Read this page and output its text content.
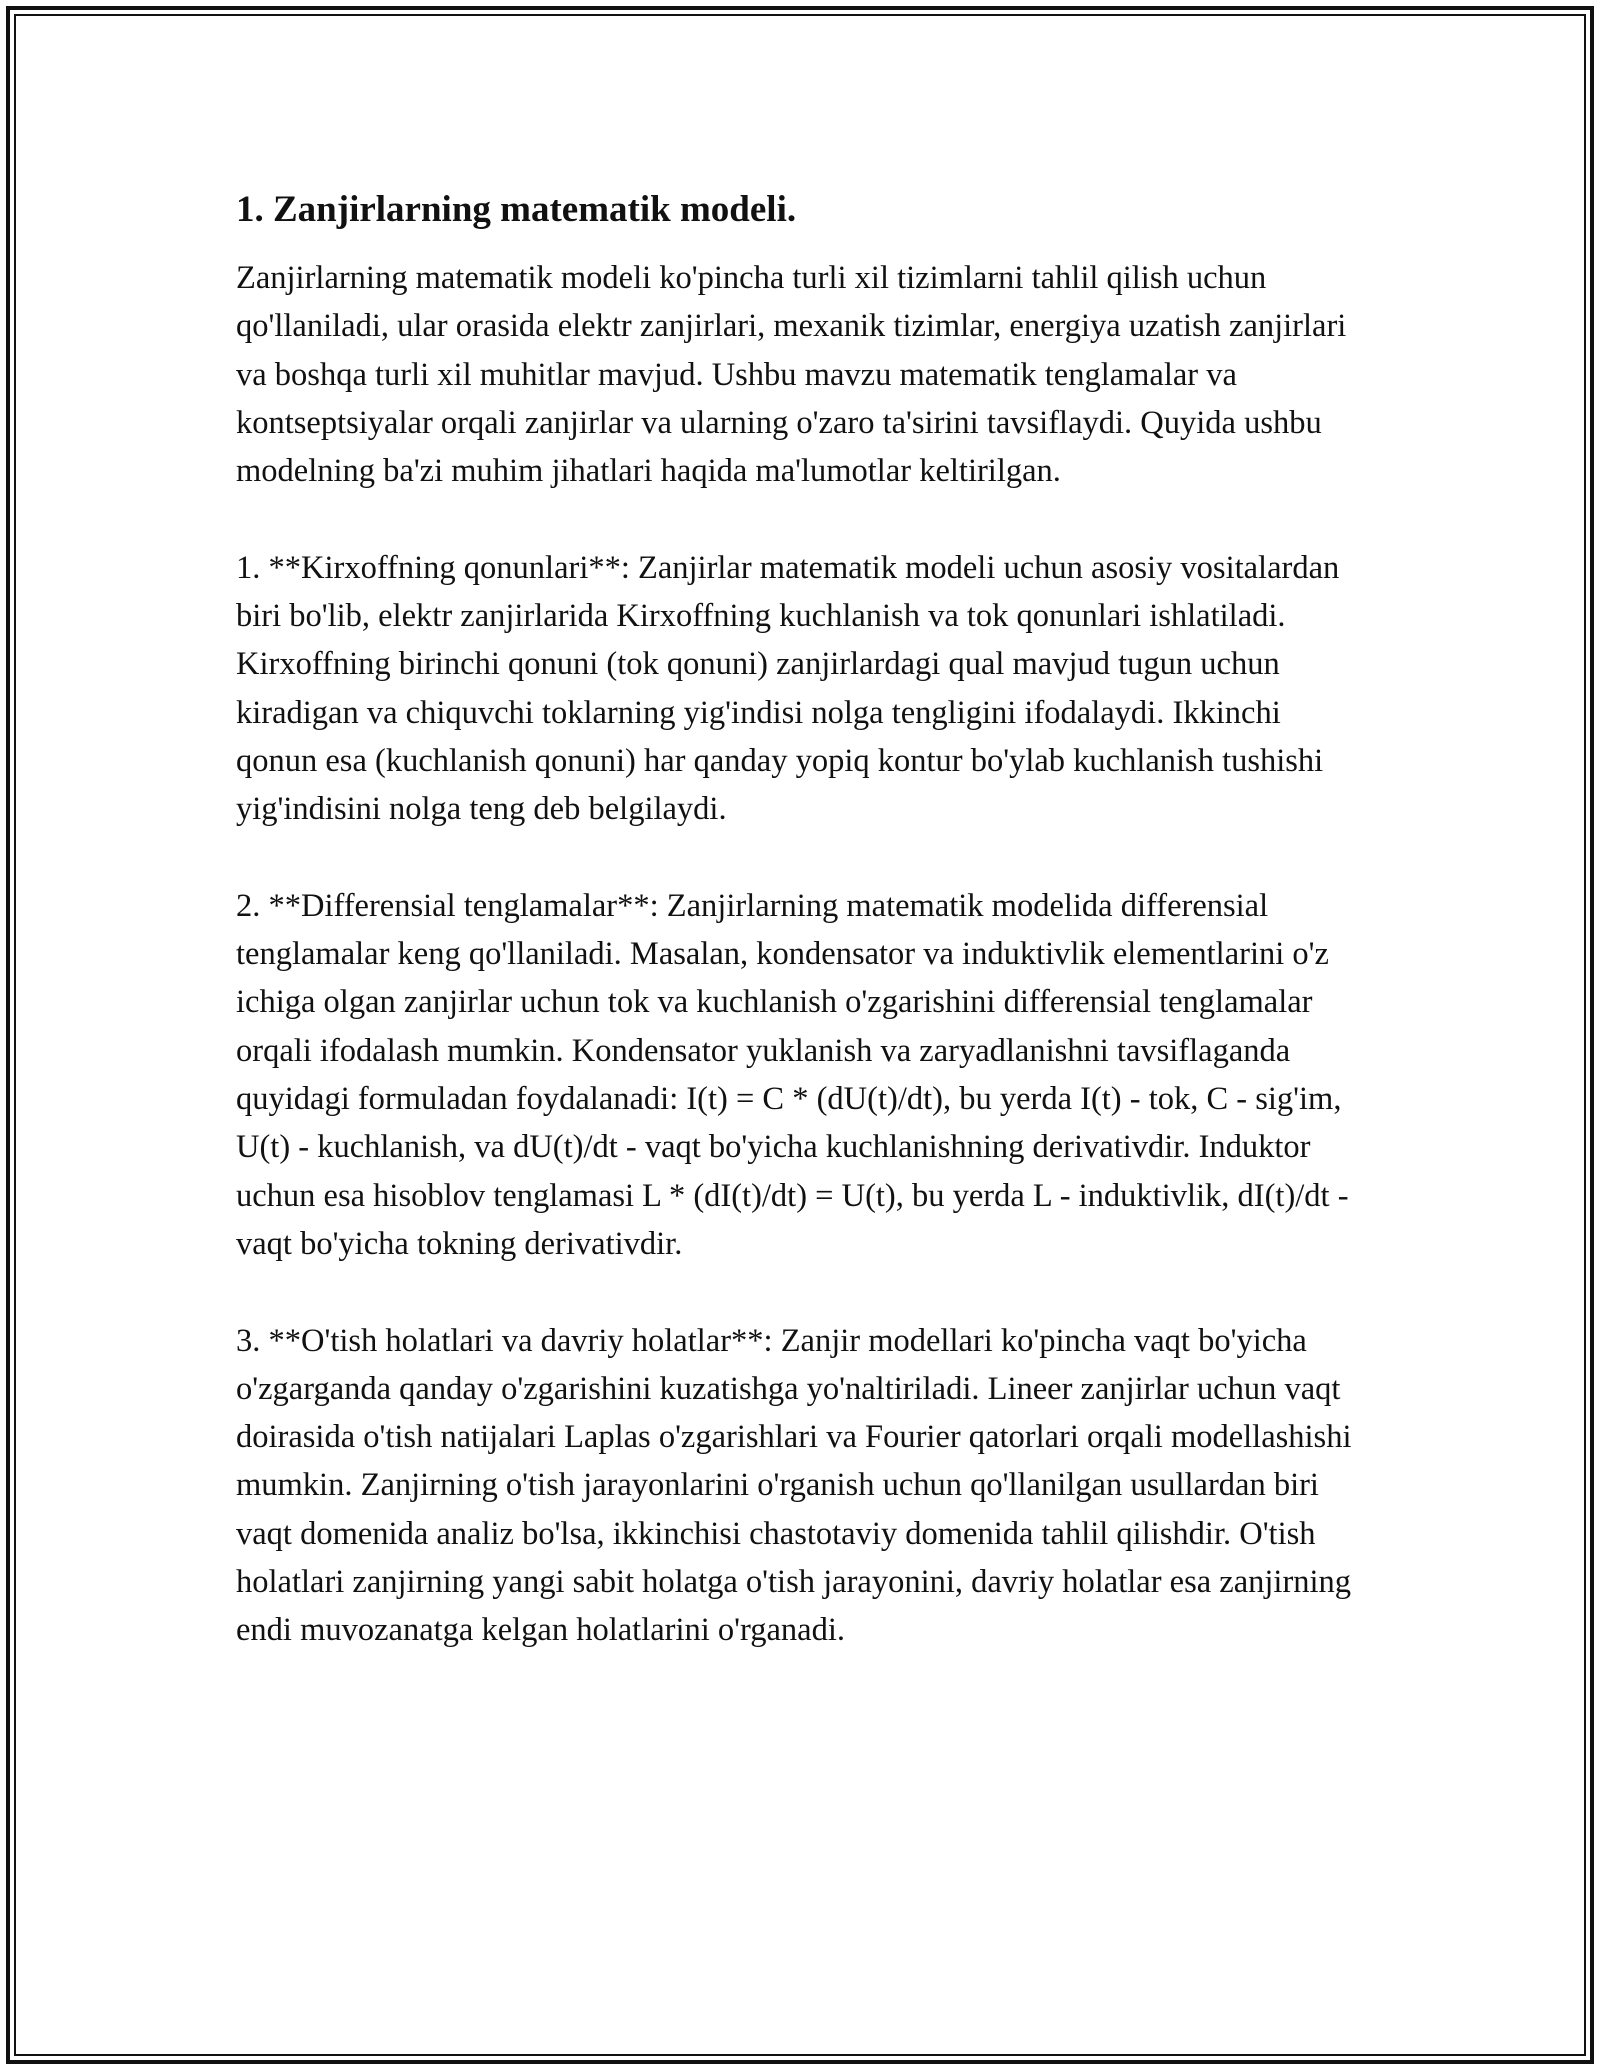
1. Zanjirlarning matematik modeli.

Zanjirlarning matematik modeli ko'pincha turli xil tizimlarni tahlil qilish uchun qo'llaniladi, ular orasida elektr zanjirlari, mexanik tizimlar, energiya uzatish zanjirlari va boshqa turli xil muhitlar mavjud. Ushbu mavzu matematik tenglamalar va kontseptsiyalar orqali zanjirlar va ularning o'zaro ta'sirini tavsiflaydi. Quyida ushbu modelning ba'zi muhim jihatlari haqida ma'lumotlar keltirilgan.

1. **Kirxoffning qonunlari**: Zanjirlar matematik modeli uchun asosiy vositalardan biri bo'lib, elektr zanjirlarida Kirxoffning kuchlanish va tok qonunlari ishlatiladi. Kirxoffning birinchi qonuni (tok qonuni) zanjirlardagi qual mavjud tugun uchun kiradigan va chiquvchi toklarning yig'indisi nolga tengligini ifodalaydi. Ikkinchi qonun esa (kuchlanish qonuni) har qanday yopiq kontur bo'ylab kuchlanish tushishi yig'indisini nolga teng deb belgilaydi.

2. **Differensial tenglamalar**: Zanjirlarning matematik modelida differensial tenglamalar keng qo'llaniladi. Masalan, kondensator va induktivlik elementlarini o'z ichiga olgan zanjirlar uchun tok va kuchlanish o'zgarishini differensial tenglamalar orqali ifodalash mumkin. Kondensator yuklanish va zaryadlanishni tavsiflaganda quyidagi formuladan foydalanadi: I(t) = C * (dU(t)/dt), bu yerda I(t) - tok, C - sig'im, U(t) - kuchlanish, va dU(t)/dt - vaqt bo'yicha kuchlanishning derivativdir. Induktor uchun esa hisoblov tenglamasi L * (dI(t)/dt) = U(t), bu yerda L - induktivlik, dI(t)/dt - vaqt bo'yicha tokning derivativdir.

3. **O'tish holatlari va davriy holatlar**: Zanjir modellari ko'pincha vaqt bo'yicha o'zgarganda qanday o'zgarishini kuzatishga yo'naltiriladi. Lineer zanjirlar uchun vaqt doirasida o'tish natijalari Laplas o'zgarishlari va Fourier qatorlari orqali modellashishi mumkin. Zanjirning o'tish jarayonlarini o'rganish uchun qo'llanilgan usullardan biri vaqt domenida analiz bo'lsa, ikkinchisi chastotaviy domenida tahlil qilishdir. O'tish holatlari zanjirning yangi sabit holatga o'tish jarayonini, davriy holatlar esa zanjirning endi muvozanatga kelgan holatlarini o'rganadi.
